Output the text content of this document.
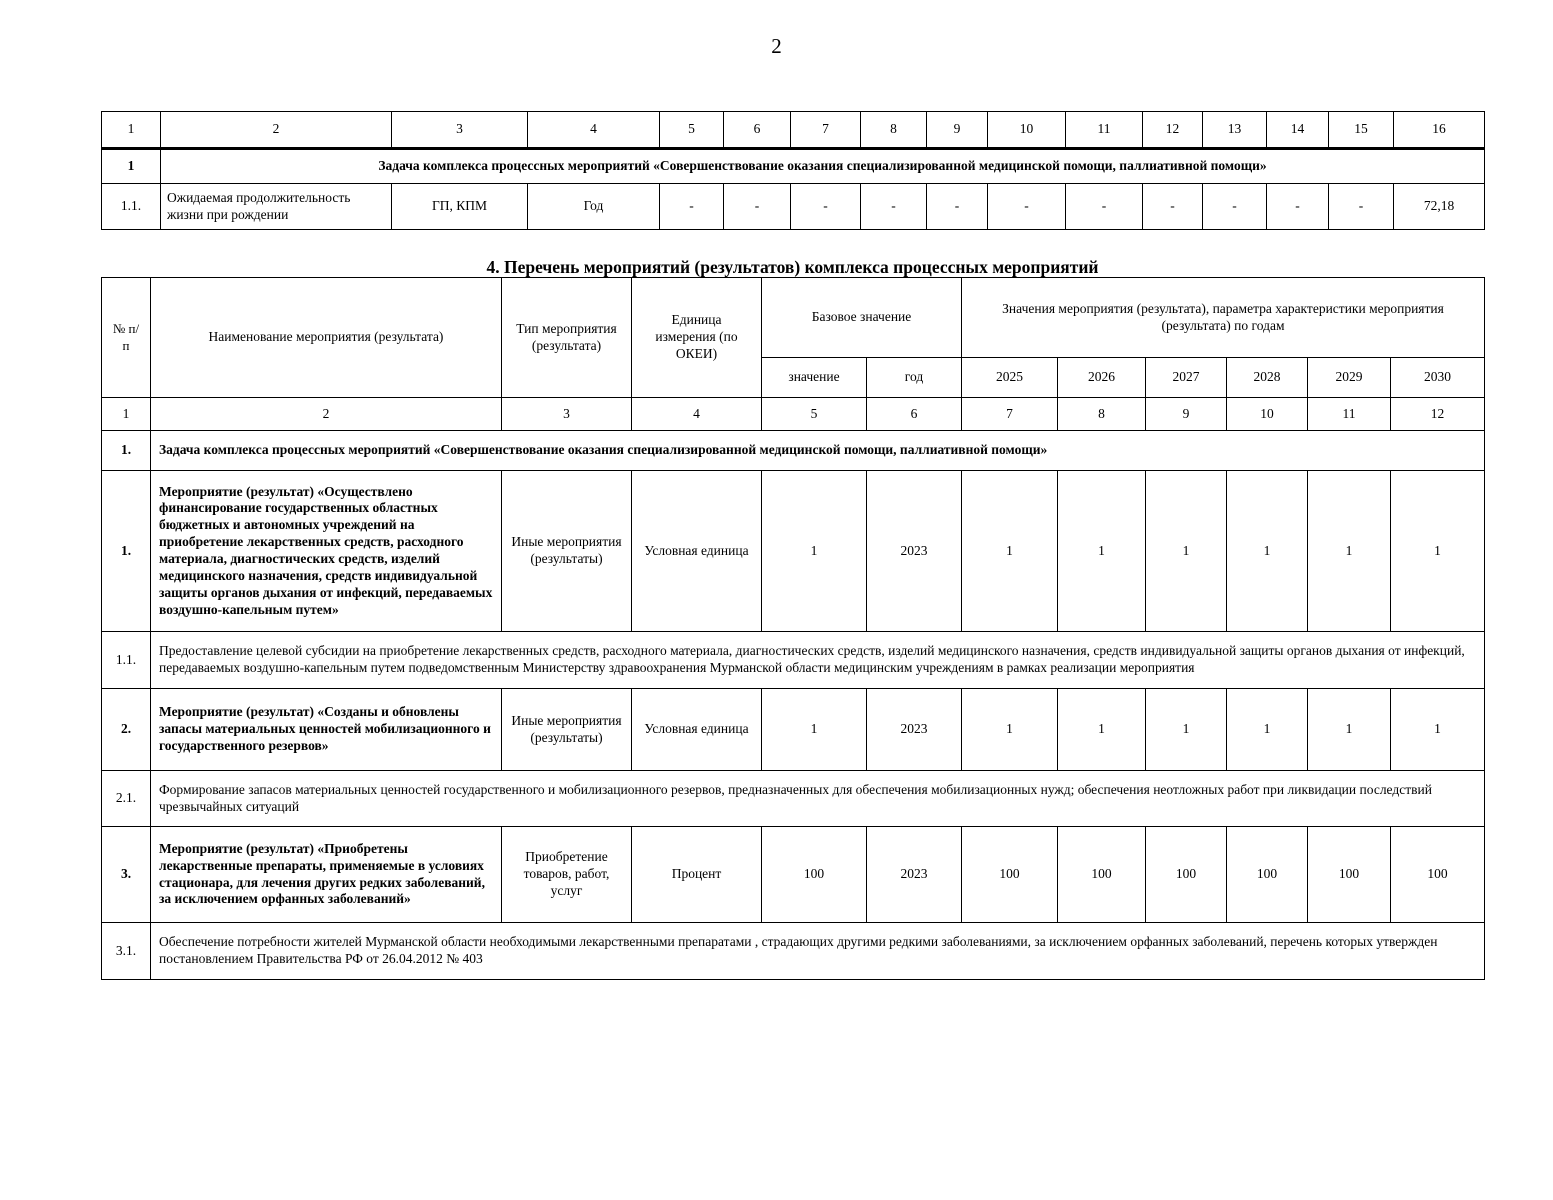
2
1	2	3	4	5	6	7	8	9	10	11	12	13	14	15	16
1	Задача комплекса процессных мероприятий «Совершенствование оказания специализированной медицинской помощи, паллиативной помощи»														
1.1.	Ожидаемая продолжительность жизни при рождении	ГП, КПМ	Год	-	-	-	-	-	-	-	-	-	-	-	72,18
4. Перечень мероприятий (результатов) комплекса процессных мероприятий
№ п/п	Наименование мероприятия (результата)	Тип мероприятия (результата)	Единица измерения (по ОКЕИ)	Базовое значение		Значения мероприятия (результата), параметра характеристики мероприятия (результата) по годам					
				значение	год	2025	2026	2027	2028	2029	2030
1	2	3	4	5	6	7	8	9	10	11	12
1.	Задача комплекса процессных мероприятий «Совершенствование оказания специализированной медицинской помощи, паллиативной помощи»										
1.	Мероприятие (результат) «Осуществлено финансирование государственных областных бюджетных и автономных учреждений на приобретение лекарственных средств, расходного материала, диагностических средств, изделий медицинского назначения, средств индивидуальной защиты органов дыхания от инфекций, передаваемых воздушно-капельным путем»	Иные мероприятия (результаты)	Условная единица	1	2023	1	1	1	1	1	1
1.1.	Предоставление целевой субсидии на приобретение лекарственных средств, расходного материала, диагностических средств, изделий медицинского назначения, средств индивидуальной защиты органов дыхания от инфекций, передаваемых воздушно-капельным путем подведомственным Министерству здравоохранения Мурманской области медицинским учреждениям в рамках реализации мероприятия										
2.	Мероприятие (результат) «Созданы и обновлены запасы материальных ценностей мобилизационного и государственного резервов»	Иные мероприятия (результаты)	Условная единица	1	2023	1	1	1	1	1	1
2.1.	Формирование запасов материальных ценностей государственного и мобилизационного резервов, предназначенных для обеспечения мобилизационных нужд; обеспечения неотложных работ при ликвидации последствий чрезвычайных ситуаций										
3.	Мероприятие (результат) «Приобретены лекарственные препараты, применяемые в условиях стационара, для лечения других редких заболеваний, за исключением орфанных заболеваний»	Приобретение товаров, работ, услуг	Процент	100	2023	100	100	100	100	100	100
3.1.	Обеспечение потребности жителей Мурманской области необходимыми лекарственными препаратами , страдающих другими редкими заболеваниями, за исключением орфанных заболеваний, перечень которых утвержден постановлением Правительства РФ от 26.04.2012 № 403										
